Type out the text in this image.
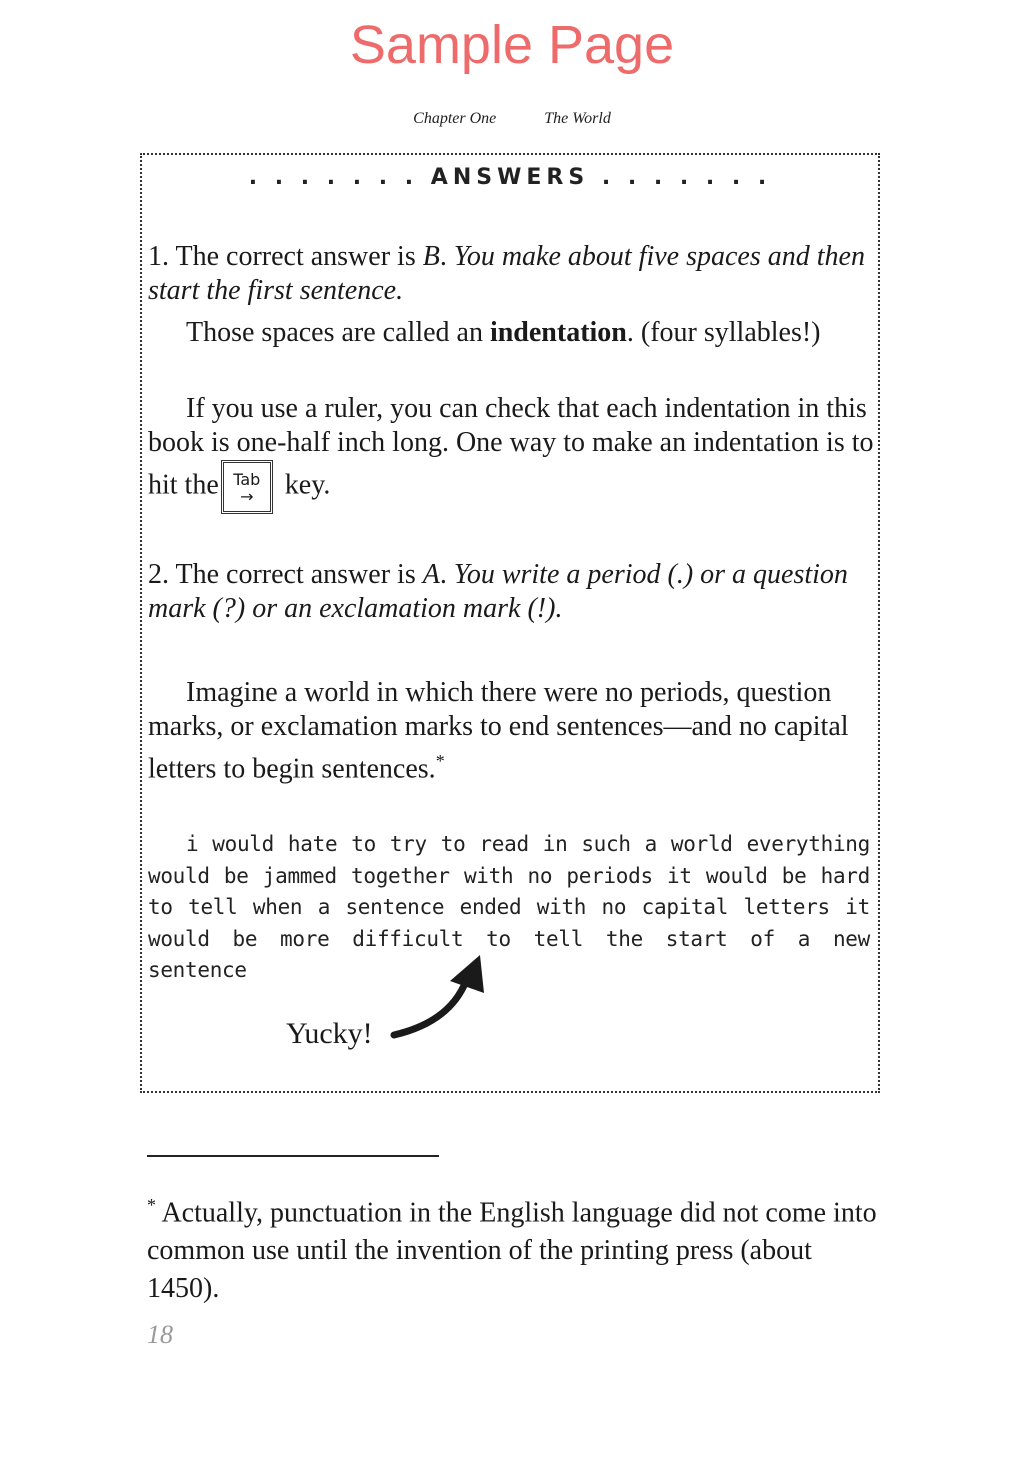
Sample Page
Chapter One	The World
. . . . . . . ANSWERS . . . . . . .

1. The correct answer is B. You make about five spaces and then start the first sentence.

Those spaces are called an indentation. (four syllables!)

If you use a ruler, you can check that each indentation in this book is one-half inch long. One way to make an indentation is to hit the Tab
→ key.

2. The correct answer is A. You write a period (.) or a question mark (?) or an exclamation mark (!).

Imagine a world in which there were no periods, question marks, or exclamation marks to end sentences—and no capital letters to begin sentences.*

i would hate to try to read in such a world everything would be jammed together with no periods it would be hard to tell when a sentence ended with no capital letters it would be more difficult to tell the start of a new sentence

Yucky!

* Actually, punctuation in the English language did not come into common use until the invention of the printing press (about 1450).

18
